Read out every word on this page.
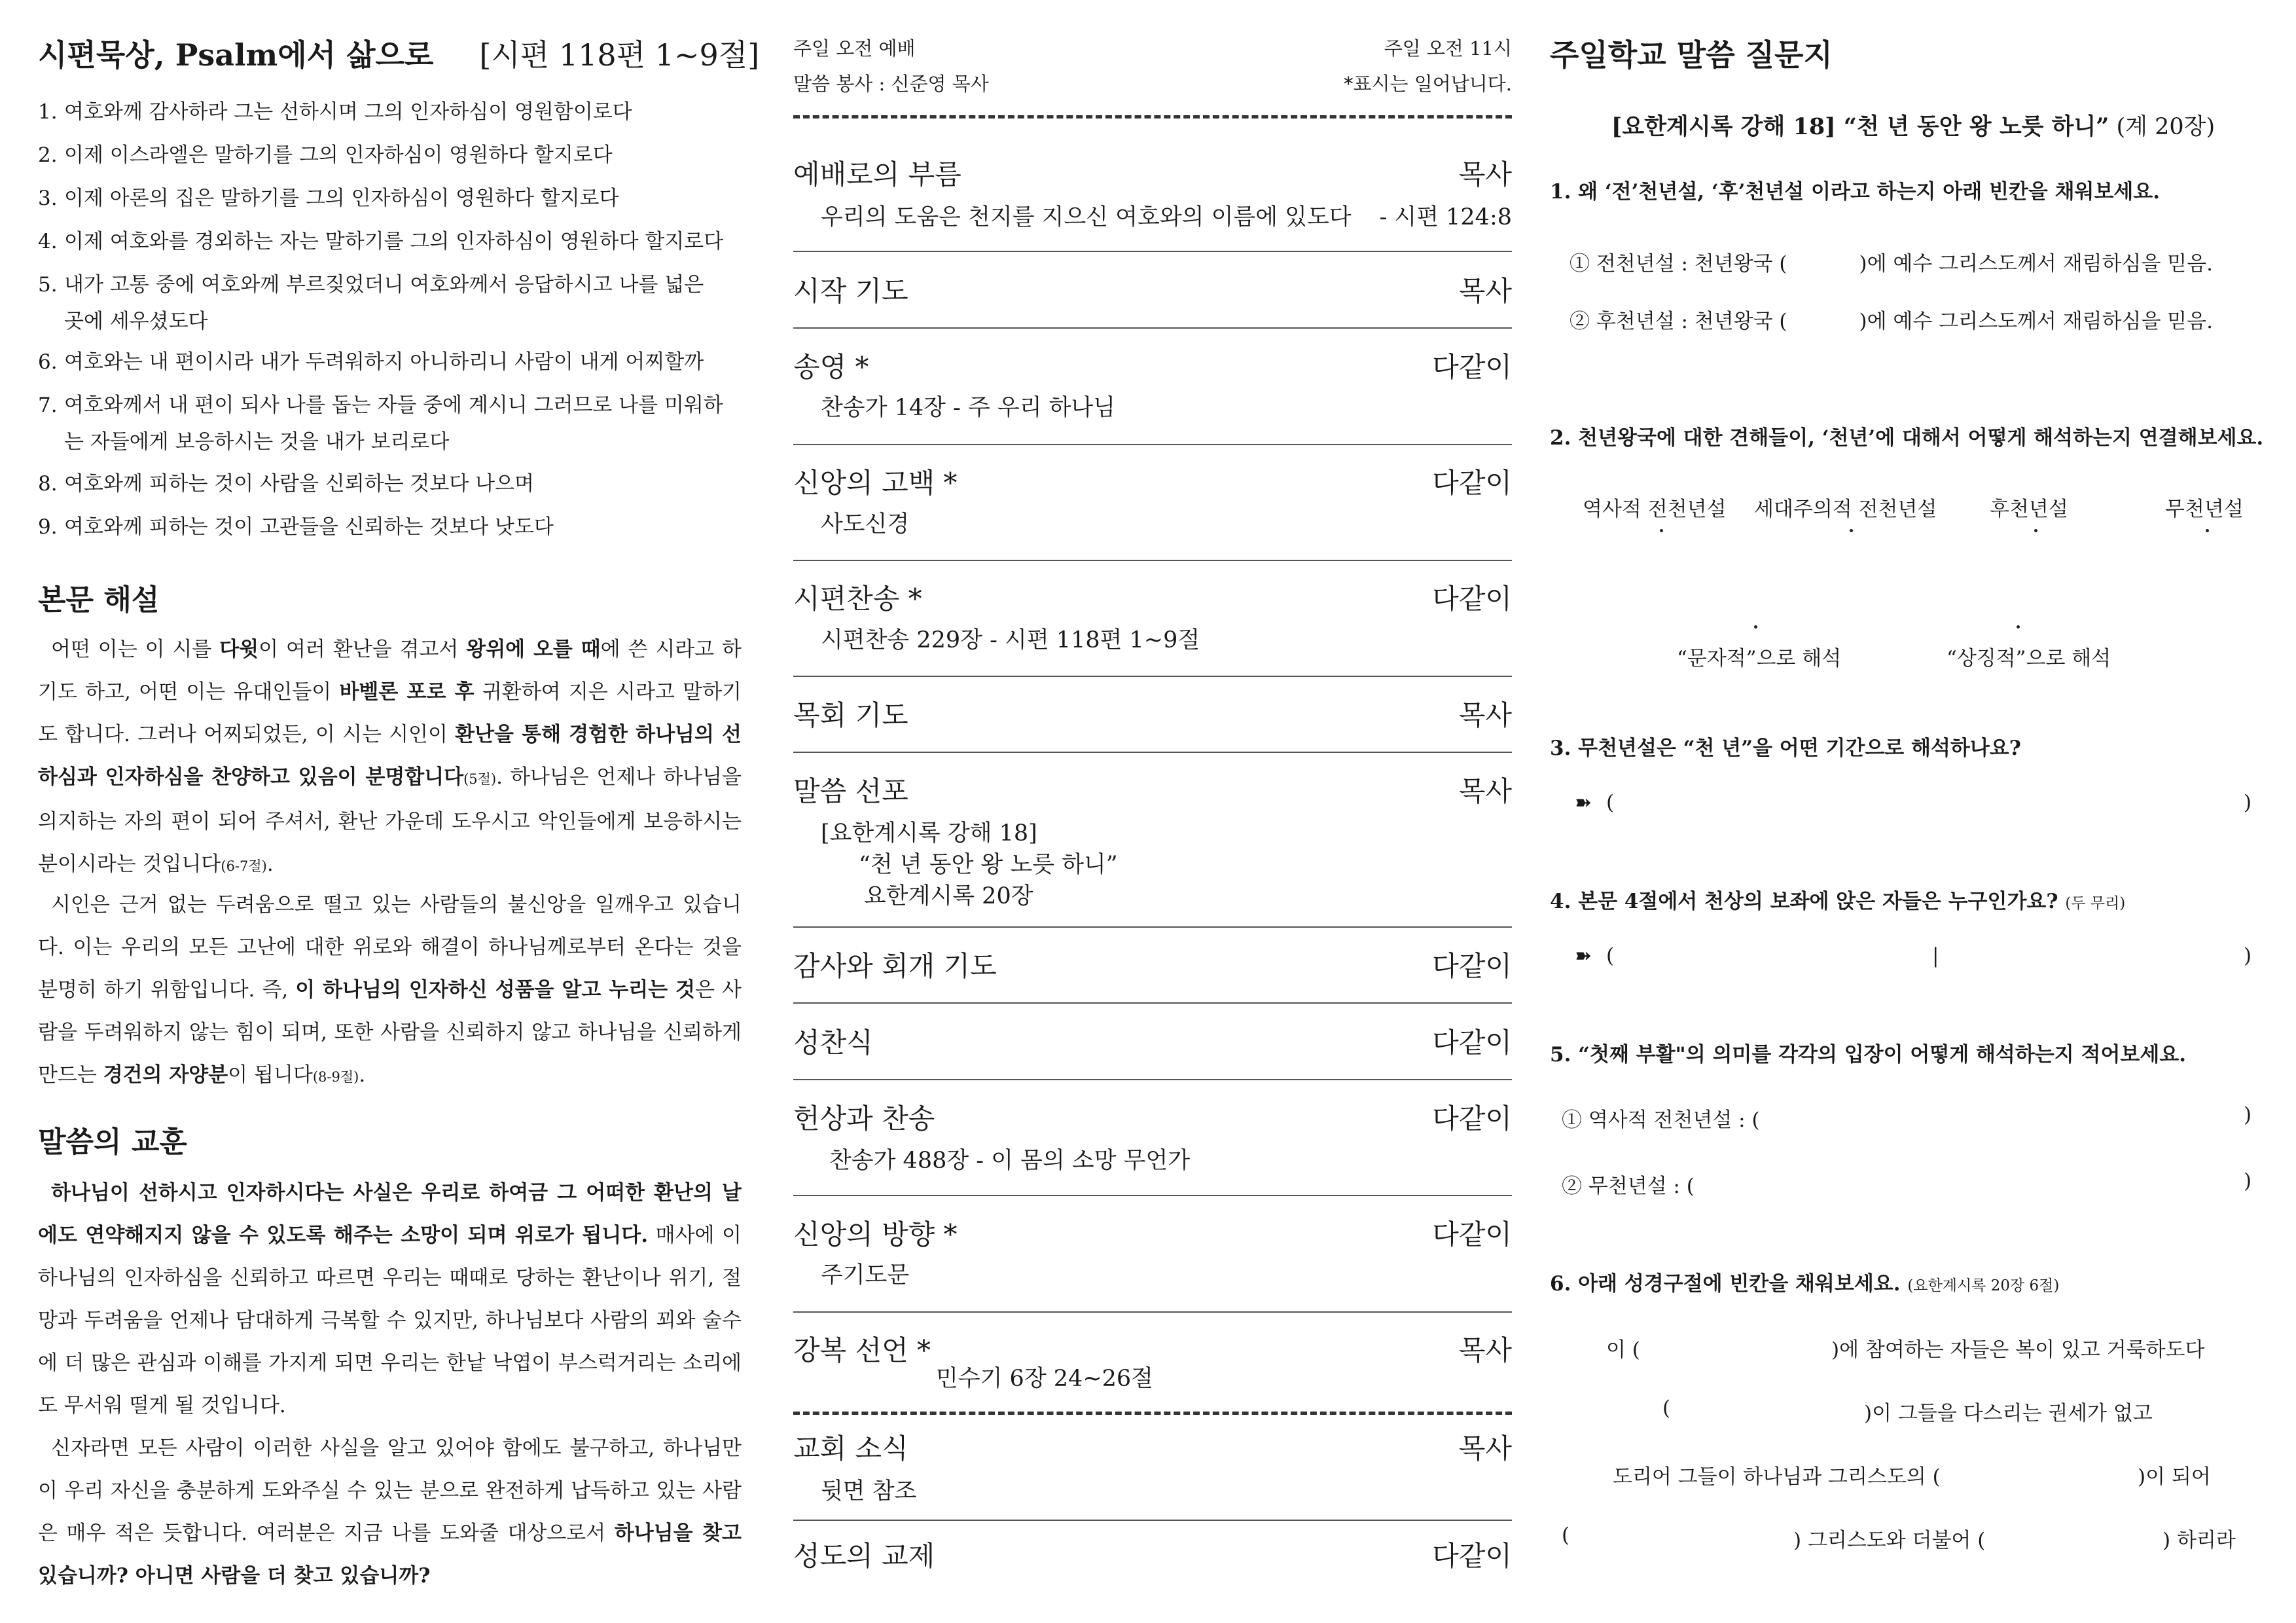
시편묵상, Psalm에서 삶으로 [시편 118편 1~9절]
1. 여호와께 감사하라 그는 선하시며 그의 인자하심이 영원함이로다
2. 이제 이스라엘은 말하기를 그의 인자하심이 영원하다 할지로다
3. 이제 아론의 집은 말하기를 그의 인자하심이 영원하다 할지로다
4. 이제 여호와를 경외하는 자는 말하기를 그의 인자하심이 영원하다 할지로다
5. 내가 고통 중에 여호와께 부르짖었더니 여호와께서 응답하시고 나를 넓은
곳에 세우셨도다
6. 여호와는 내 편이시라 내가 두려워하지 아니하리니 사람이 내게 어찌할까
7. 여호와께서 내 편이 되사 나를 돕는 자들 중에 계시니 그러므로 나를 미워하
는 자들에게 보응하시는 것을 내가 보리로다
8. 여호와께 피하는 것이 사람을 신뢰하는 것보다 나으며
9. 여호와께 피하는 것이 고관들을 신뢰하는 것보다 낫도다
본문 해설
어떤 이는 이 시를 다윗이 여러 환난을 겪고서 왕위에 오를 때에 쓴 시라고 하기도 하고, 어떤 이는 유대인들이 바벨론 포로 후 귀환하여 지은 시라고 말하기도 합니다. 그러나 어찌되었든, 이 시는 시인이 환난을 통해 경험한 하나님의 선하심과 인자하심을 찬양하고 있음이 분명합니다(5절). 하나님은 언제나 하나님을 의지하는 자의 편이 되어 주셔서, 환난 가운데 도우시고 악인들에게 보응하시는 분이시라는 것입니다(6-7절).
시인은 근거 없는 두려움으로 떨고 있는 사람들의 불신앙을 일깨우고 있습니다. 이는 우리의 모든 고난에 대한 위로와 해결이 하나님께로부터 온다는 것을 분명히 하기 위함입니다. 즉, 이 하나님의 인자하신 성품을 알고 누리는 것은 사람을 두려워하지 않는 힘이 되며, 또한 사람을 신뢰하지 않고 하나님을 신뢰하게 만드는 경건의 자양분이 됩니다(8-9절).
말씀의 교훈
하나님이 선하시고 인자하시다는 사실은 우리로 하여금 그 어떠한 환난의 날에도 연약해지지 않을 수 있도록 해주는 소망이 되며 위로가 됩니다. 매사에 이 하나님의 인자하심을 신뢰하고 따르면 우리는 때때로 당하는 환난이나 위기, 절망과 두려움을 언제나 담대하게 극복할 수 있지만, 하나님보다 사람의 꾀와 술수에 더 많은 관심과 이해를 가지게 되면 우리는 한낱 낙엽이 부스럭거리는 소리에도 무서워 떨게 될 것입니다.
신자라면 모든 사람이 이러한 사실을 알고 있어야 함에도 불구하고, 하나님만이 우리 자신을 충분하게 도와주실 수 있는 분으로 완전하게 납득하고 있는 사람은 매우 적은 듯합니다. 여러분은 지금 나를 도와줄 대상으로서 하나님을 찾고 있습니까? 아니면 사람을 더 찾고 있습니까?
주일 오전 예배
말씀 봉사 : 신준영 목사
주일 오전 11시
*표시는 일어납니다.
예배로의 부름	목사
우리의 도움은 천지를 지으신 여호와의 이름에 있도다 - 시편 124:8
시작 기도	목사
송영 *	다같이
찬송가 14장 - 주 우리 하나님
신앙의 고백 *	다같이
사도신경
시편찬송 *	다같이
시편찬송 229장 - 시편 118편 1~9절
목회 기도	목사
말씀 선포	목사
[요한계시록 강해 18]
“천 년 동안 왕 노릇 하니”
요한계시록 20장
감사와 회개 기도	다같이
성찬식	다같이
헌상과 찬송	다같이
찬송가 488장 - 이 몸의 소망 무언가
신앙의 방향 *	다같이
주기도문
강복 선언 *	목사
민수기 6장 24~26절
교회 소식	목사
뒷면 참조
성도의 교제	다같이
주일학교 말씀 질문지
[요한계시록 강해 18] “천 년 동안 왕 노릇 하니” (계 20장)
1. 왜 ‘전’천년설, ‘후’천년설 이라고 하는지 아래 빈칸을 채워보세요.
① 전천년설 : 천년왕국 (	)에 예수 그리스도께서 재림하심을 믿음.
② 후천년설 : 천년왕국 (	)에 예수 그리스도께서 재림하심을 믿음.
2. 천년왕국에 대한 견해들이, ‘천년’에 대해서 어떻게 해석하는지 연결해보세요.
역사적 전천년설 세대주의적 전천년설	후천년설	무천년설
“문자적”으로 해석	“상징적”으로 해석
3. 무천년설은 “천 년”을 어떤 기간으로 해석하나요?
➽ (	)
4. 본문 4절에서 천상의 보좌에 앉은 자들은 누구인가요? (두 무리)
➽ (	|	)
5. “첫째 부활"의 의미를 각각의 입장이 어떻게 해석하는지 적어보세요.
① 역사적 전천년설 : (	)
② 무천년설 : (	)
6. 아래 성경구절에 빈칸을 채워보세요. (요한계시록 20장 6절)
이 (	)에 참여하는 자들은 복이 있고 거룩하도다
(	)이 그들을 다스리는 권세가 없고
도리어 그들이 하나님과 그리스도의 (	)이 되어
(	) 그리스도와 더불어 (	) 하리라
